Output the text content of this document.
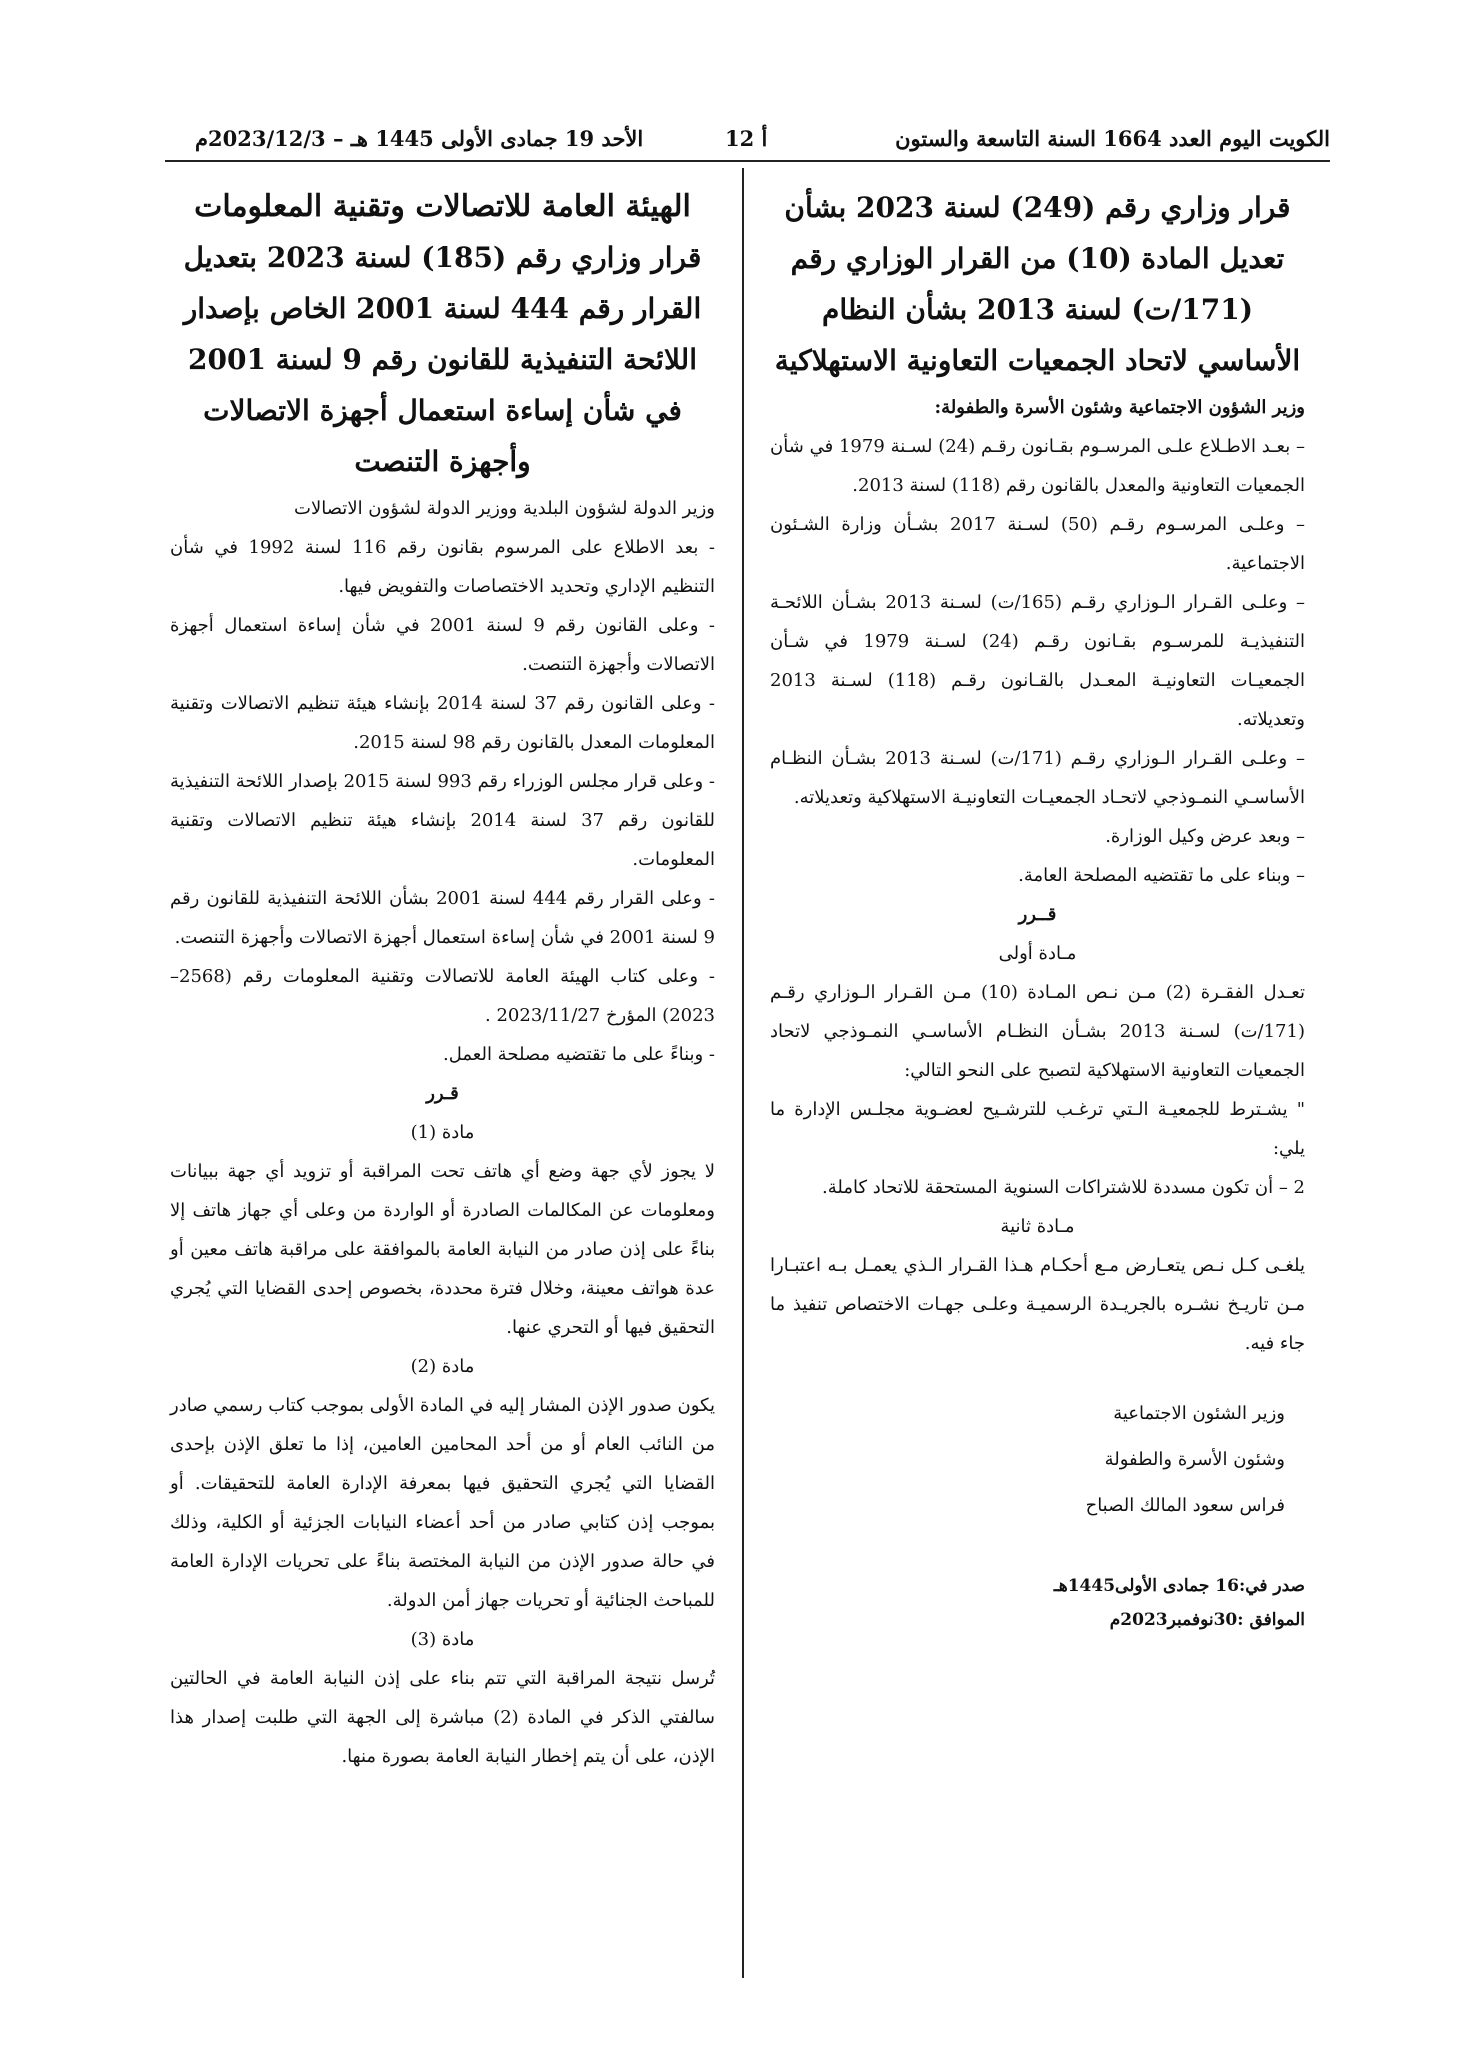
الكويت اليوم العدد 1664 السنة التاسعة والستون
أ 12
الأحد 19 جمادى الأولى 1445 هـ – 2023/12/3م
قرار وزاري رقم (249) لسنة 2023 بشأن تعديل المادة (10) من القرار الوزاري رقم (171/ت) لسنة 2013 بشأن النظام الأساسي لاتحاد الجمعيات التعاونية الاستهلاكية

وزير الشؤون الاجتماعية وشئون الأسرة والطفولة:

– بعـد الاطـلاع علـى المرسـوم بقـانون رقـم (24) لسـنة 1979 في شأن الجمعيات التعاونية والمعدل بالقانون رقم (118) لسنة 2013.

– وعلـى المرسـوم رقـم (50) لسـنة 2017 بشـأن وزارة الشـئون الاجتماعية.

– وعلـى القـرار الـوزاري رقـم (165/ت) لسـنة 2013 بشـأن اللائحـة التنفيذيـة للمرسـوم بقـانون رقـم (24) لسـنة 1979 في شـأن الجمعيـات التعاونيـة المعـدل بالقـانون رقـم (118) لسـنة 2013 وتعديلاته.

– وعلـى القـرار الـوزاري رقـم (171/ت) لسـنة 2013 بشـأن النظـام الأساسـي النمـوذجي لاتحـاد الجمعيـات التعاونيـة الاستهلاكية وتعديلاته.

– وبعد عرض وكيل الوزارة.

– وبناء على ما تقتضيه المصلحة العامة.

قــرر

مـادة أولى

تعـدل الفقـرة (2) مـن نـص المـادة (10) مـن القـرار الـوزاري رقـم (171/ت) لسـنة 2013 بشـأن النظـام الأساسـي النمـوذجي لاتحاد الجمعيات التعاونية الاستهلاكية لتصبح على النحو التالي:

" يشـترط للجمعيـة الـتي ترغـب للترشـيح لعضـوية مجلـس الإدارة ما يلي:

2 – أن تكون مسددة للاشتراكات السنوية المستحقة للاتحاد كاملة.

مـادة ثانية

يلغـى كـل نـص يتعـارض مـع أحكـام هـذا القـرار الـذي يعمـل بـه اعتبـارا مـن تاريـخ نشـره بالجريـدة الرسميـة وعلـى جهـات الاختصاص تنفيذ ما جاء فيه.

وزير الشئون الاجتماعية
وشئون الأسرة والطفولة
فراس سعود المالك الصباح
صدر في:16 جمادى الأولى1445هـ
الموافق :30نوفمبر2023م
الهيئة العامة للاتصالات وتقنية المعلومات
قرار وزاري رقم (185) لسنة 2023 بتعديل القرار رقم 444 لسنة 2001 الخاص بإصدار اللائحة التنفيذية للقانون رقم 9 لسنة 2001 في شأن إساءة استعمال أجهزة الاتصالات وأجهزة التنصت

وزير الدولة لشؤون البلدية ووزير الدولة لشؤون الاتصالات

- بعد الاطلاع على المرسوم بقانون رقم 116 لسنة 1992 في شأن التنظيم الإداري وتحديد الاختصاصات والتفويض فيها.

- وعلى القانون رقم 9 لسنة 2001 في شأن إساءة استعمال أجهزة الاتصالات وأجهزة التنصت.

- وعلى القانون رقم 37 لسنة 2014 بإنشاء هيئة تنظيم الاتصالات وتقنية المعلومات المعدل بالقانون رقم 98 لسنة 2015.

- وعلى قرار مجلس الوزراء رقم 993 لسنة 2015 بإصدار اللائحة التنفيذية للقانون رقم 37 لسنة 2014 بإنشاء هيئة تنظيم الاتصالات وتقنية المعلومات.

- وعلى القرار رقم 444 لسنة 2001 بشأن اللائحة التنفيذية للقانون رقم 9 لسنة 2001 في شأن إساءة استعمال أجهزة الاتصالات وأجهزة التنصت.

- وعلى كتاب الهيئة العامة للاتصالات وتقنية المعلومات رقم (2568–2023) المؤرخ 2023/11/27 .

- وبناءً على ما تقتضيه مصلحة العمل.

قـرر

مادة (1)

لا يجوز لأي جهة وضع أي هاتف تحت المراقبة أو تزويد أي جهة ببيانات ومعلومات عن المكالمات الصادرة أو الواردة من وعلى أي جهاز هاتف إلا بناءً على إذن صادر من النيابة العامة بالموافقة على مراقبة هاتف معين أو عدة هواتف معينة، وخلال فترة محددة، بخصوص إحدى القضايا التي يُجري التحقيق فيها أو التحري عنها.

مادة (2)

يكون صدور الإذن المشار إليه في المادة الأولى بموجب كتاب رسمي صادر من النائب العام أو من أحد المحامين العامين، إذا ما تعلق الإذن بإحدى القضايا التي يُجري التحقيق فيها بمعرفة الإدارة العامة للتحقيقات. أو بموجب إذن كتابي صادر من أحد أعضاء النيابات الجزئية أو الكلية، وذلك في حالة صدور الإذن من النيابة المختصة بناءً على تحريات الإدارة العامة للمباحث الجنائية أو تحريات جهاز أمن الدولة.

مادة (3)

تُرسل نتيجة المراقبة التي تتم بناء على إذن النيابة العامة في الحالتين سالفتي الذكر في المادة (2) مباشرة إلى الجهة التي طلبت إصدار هذا الإذن، على أن يتم إخطار النيابة العامة بصورة منها.
